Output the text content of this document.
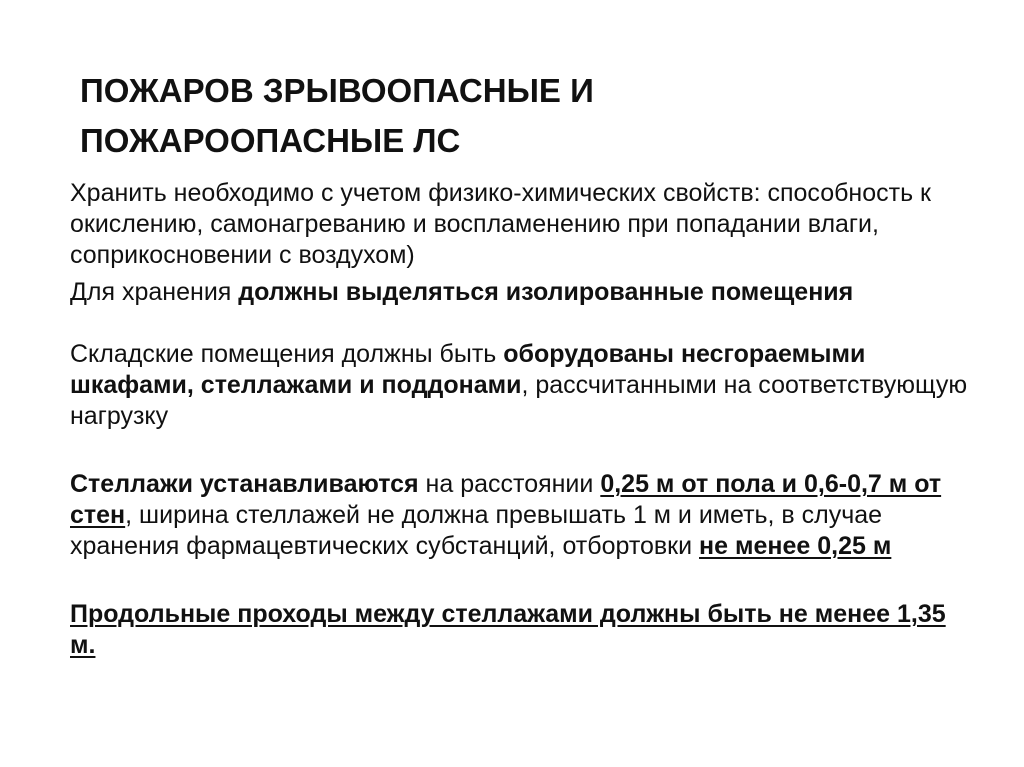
ПОЖАРОВ ЗРЫВООПАСНЫЕ И
ПОЖАРООПАСНЫЕ ЛС

Хранить необходимо с учетом физико-химических свойств: способность к окислению, самонагреванию и воспламенению при попадании влаги, соприкосновении с воздухом)

Для хранения должны выделяться изолированные помещения

Складские помещения должны быть оборудованы несгораемыми шкафами, стеллажами и поддонами, рассчитанными на соответствующую нагрузку

Стеллажи устанавливаются на расстоянии 0,25 м от пола и 0,6-0,7 м от стен, ширина стеллажей не должна превышать 1 м и иметь, в случае хранения фармацевтических субстанций, отбортовки не менее 0,25 м

Продольные проходы между стеллажами должны быть не менее 1,35 м.
